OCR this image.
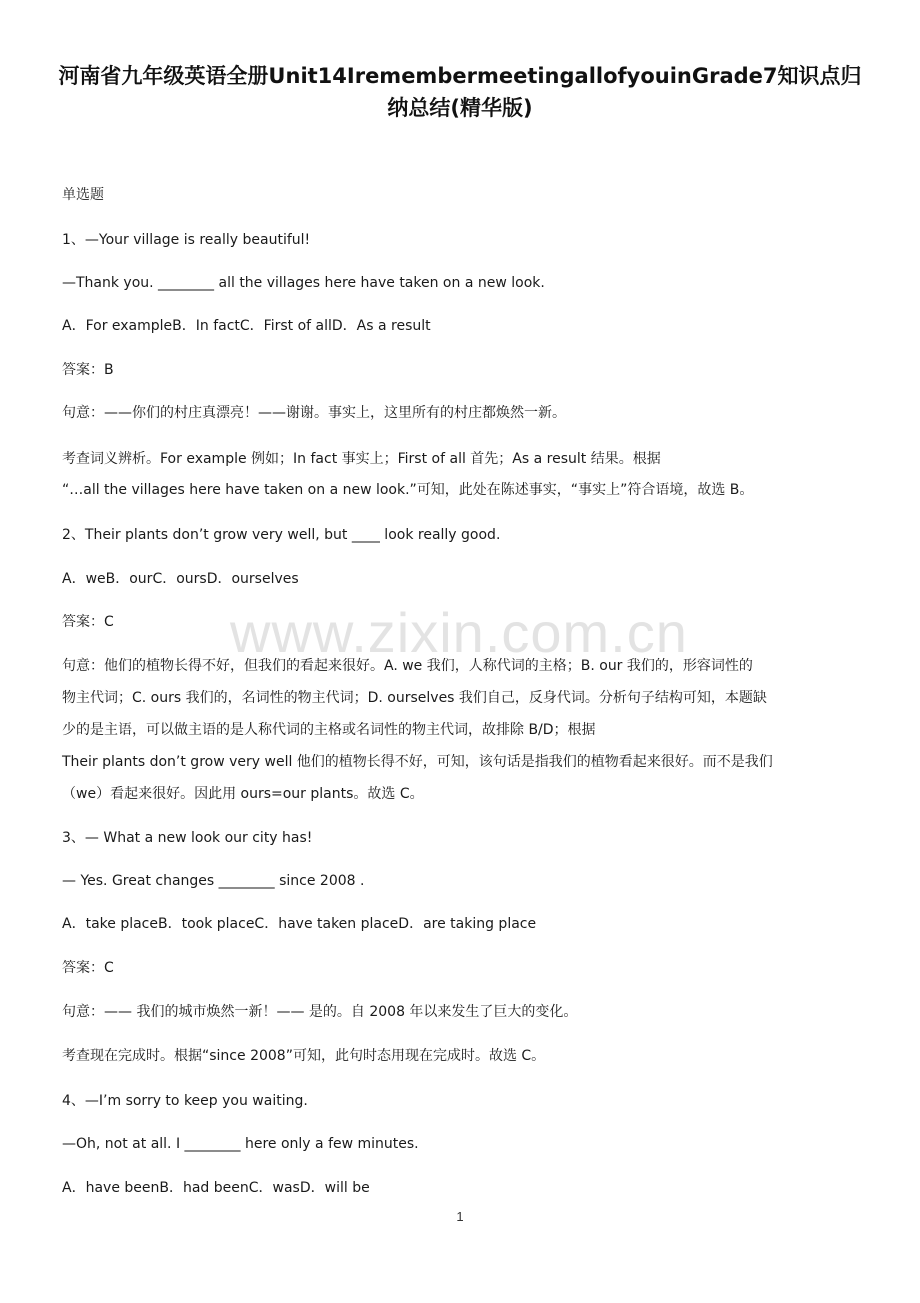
河南省九年级英语全册Unit14IremembermeetingallofyouinGrade7知识点归
纳总结(精华版)
www.zixin.com.cn
单选题
1、—Your village is really beautiful!
—Thank you. ________ all the villages here have taken on a new look.
A．For exampleB．In factC．First of allD．As a result
答案：B
句意：——你们的村庄真漂亮！——谢谢。事实上，这里所有的村庄都焕然一新。
考查词义辨析。For example 例如；In fact 事实上；First of all 首先；As a result 结果。根据
“…all the villages here have taken on a new look.”可知，此处在陈述事实，“事实上”符合语境，故选 B。
2、Their plants don’t grow very well, but ____ look really good.
A．weB．ourC．oursD．ourselves
答案：C
句意：他们的植物长得不好，但我们的看起来很好。A. we 我们，人称代词的主格；B. our 我们的，形容词性的
物主代词；C. ours 我们的，名词性的物主代词；D. ourselves 我们自己，反身代词。分析句子结构可知，本题缺
少的是主语，可以做主语的是人称代词的主格或名词性的物主代词，故排除 B/D；根据
Their plants don’t grow very well 他们的植物长得不好，可知，该句话是指我们的植物看起来很好。而不是我们
（we）看起来很好。因此用 ours=our plants。故选 C。
3、— What a new look our city has!
— Yes. Great changes ________ since 2008 .
A．take placeB．took placeC．have taken placeD．are taking place
答案：C
句意：—— 我们的城市焕然一新！—— 是的。自 2008 年以来发生了巨大的变化。
考查现在完成时。根据“since 2008”可知，此句时态用现在完成时。故选 C。
4、—I’m sorry to keep you waiting.
—Oh, not at all. I ________ here only a few minutes.
A．have beenB．had beenC．wasD．will be
1
